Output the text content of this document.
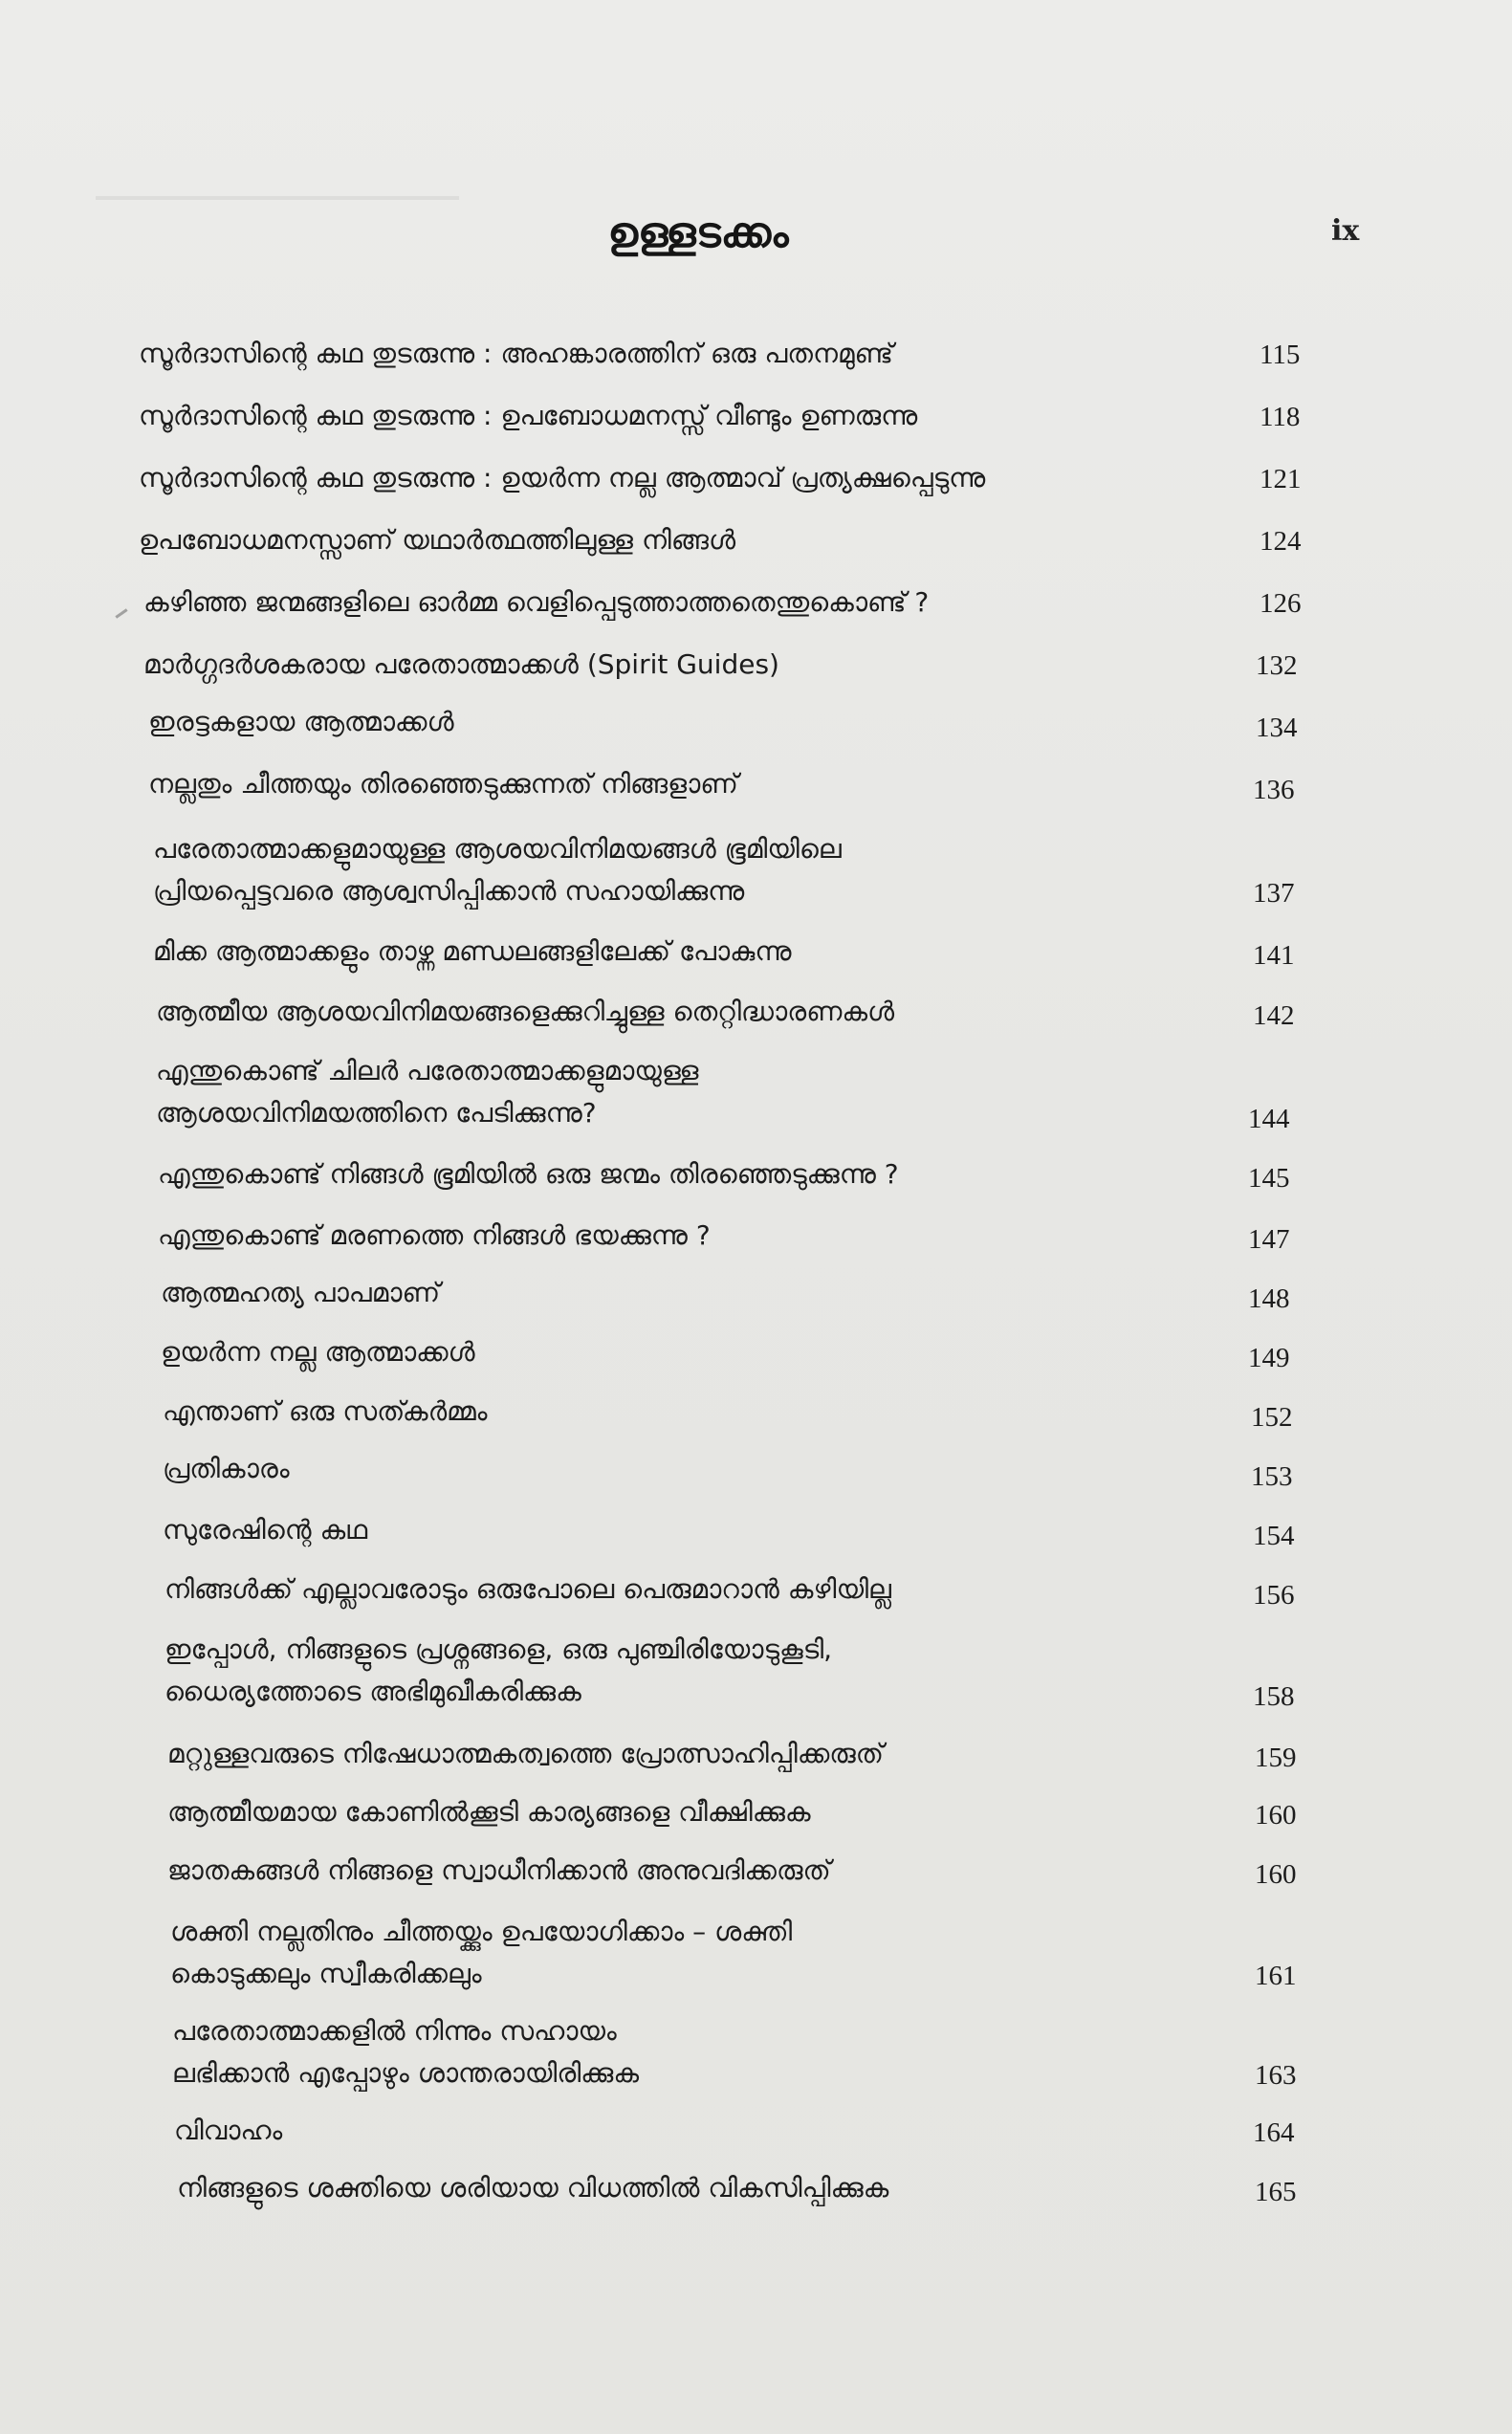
ഉള്ളടക്കം	ix
സൂർദാസിന്റെ കഥ തുടരുന്നു : അഹങ്കാരത്തിന് ഒരു പതനമുണ്ട്	115
സൂർദാസിന്റെ കഥ തുടരുന്നു : ഉപബോധമനസ്സ് വീണ്ടും ഉണരുന്നു	118
സൂർദാസിന്റെ കഥ തുടരുന്നു : ഉയർന്ന നല്ല ആത്മാവ് പ്രത്യക്ഷപ്പെടുന്നു	121
ഉപബോധമനസ്സാണ് യഥാർത്ഥത്തിലുള്ള നിങ്ങൾ	124
കഴിഞ്ഞ ജന്മങ്ങളിലെ ഓർമ്മ വെളിപ്പെടുത്താത്തതെന്തുകൊണ്ട് ?	126
മാർഗ്ഗദർശകരായ പരേതാത്മാക്കൾ (Spirit Guides)	132
ഇരട്ടകളായ ആത്മാക്കൾ	134
നല്ലതും ചീത്തയും തിരഞ്ഞെടുക്കുന്നത് നിങ്ങളാണ്	136
പരേതാത്മാക്കളുമായുള്ള ആശയവിനിമയങ്ങൾ ഭൂമിയിലെ
പ്രിയപ്പെട്ടവരെ ആശ്വസിപ്പിക്കാൻ സഹായിക്കുന്നു	137
മിക്ക ആത്മാക്കളും താഴ്ന്ന മണ്ഡലങ്ങളിലേക്ക് പോകുന്നു	141
ആത്മീയ ആശയവിനിമയങ്ങളെക്കുറിച്ചുള്ള തെറ്റിദ്ധാരണകൾ	142
എന്തുകൊണ്ട് ചിലർ പരേതാത്മാക്കളുമായുള്ള
ആശയവിനിമയത്തിനെ പേടിക്കുന്നു?	144
എന്തുകൊണ്ട് നിങ്ങൾ ഭൂമിയിൽ ഒരു ജന്മം തിരഞ്ഞെടുക്കുന്നു ?	145
എന്തുകൊണ്ട് മരണത്തെ നിങ്ങൾ ഭയക്കുന്നു ?	147
ആത്മഹത്യ പാപമാണ്	148
ഉയർന്ന നല്ല ആത്മാക്കൾ	149
എന്താണ് ഒരു സത്കർമ്മം	152
പ്രതികാരം	153
സുരേഷിന്റെ കഥ	154
നിങ്ങൾക്ക് എല്ലാവരോടും ഒരുപോലെ പെരുമാറാൻ കഴിയില്ല	156
ഇപ്പോൾ, നിങ്ങളുടെ പ്രശ്നങ്ങളെ, ഒരു പുഞ്ചിരിയോടുകൂടി,
ധൈര്യത്തോടെ അഭിമുഖീകരിക്കുക	158
മറ്റുള്ളവരുടെ നിഷേധാത്മകത്വത്തെ പ്രോത്സാഹിപ്പിക്കരുത്	159
ആത്മീയമായ കോണിൽക്കൂടി കാര്യങ്ങളെ വീക്ഷിക്കുക	160
ജാതകങ്ങൾ നിങ്ങളെ സ്വാധീനിക്കാൻ അനുവദിക്കരുത്	160
ശക്തി നല്ലതിനും ചീത്തയ്ക്കും ഉപയോഗിക്കാം – ശക്തി
കൊടുക്കലും സ്വീകരിക്കലും	161
പരേതാത്മാക്കളിൽ നിന്നും സഹായം
ലഭിക്കാൻ എപ്പോഴും ശാന്തരായിരിക്കുക	163
വിവാഹം	164
നിങ്ങളുടെ ശക്തിയെ ശരിയായ വിധത്തിൽ വികസിപ്പിക്കുക	165
